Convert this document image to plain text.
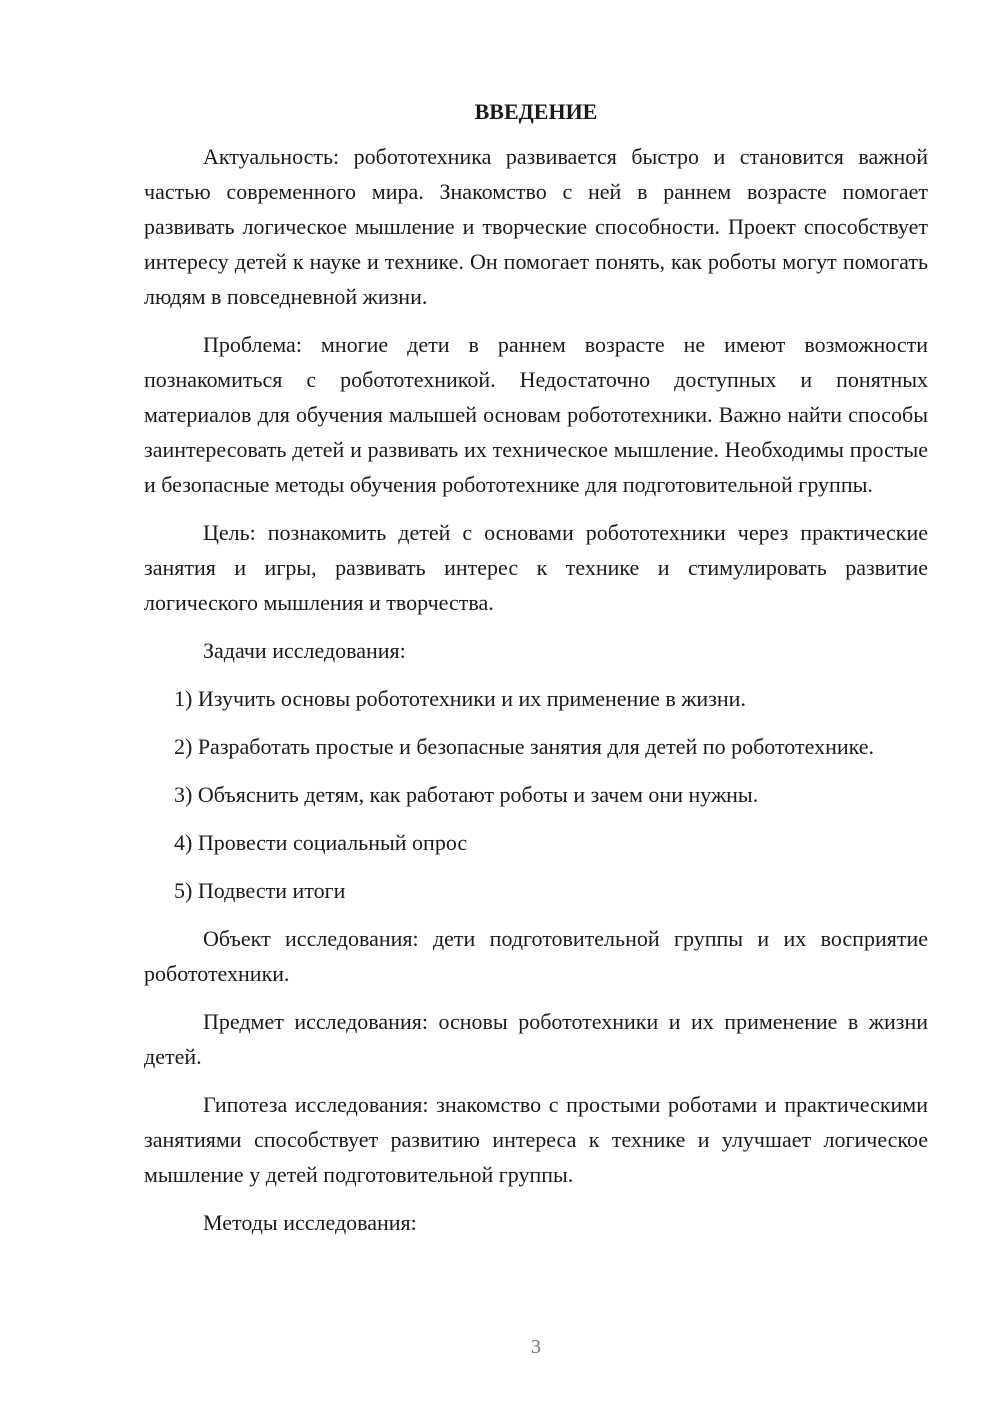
ВВЕДЕНИЕ

Актуальность: робототехника развивается быстро и становится важной частью современного мира. Знакомство с ней в раннем возрасте помогает развивать логическое мышление и творческие способности. Проект способствует интересу детей к науке и технике. Он помогает понять, как роботы могут помогать людям в повседневной жизни.

Проблема: многие дети в раннем возрасте не имеют возможности познакомиться с робототехникой. Недостаточно доступных и понятных материалов для обучения малышей основам робототехники. Важно найти способы заинтересовать детей и развивать их техническое мышление. Необходимы простые и безопасные методы обучения робототехнике для подготовительной группы.

Цель: познакомить детей с основами робототехники через практические занятия и игры, развивать интерес к технике и стимулировать развитие логического мышления и творчества.

Задачи исследования:

1) Изучить основы робототехники и их применение в жизни.

2) Разработать простые и безопасные занятия для детей по робототехнике.

3) Объяснить детям, как работают роботы и зачем они нужны.

4) Провести социальный опрос

5) Подвести итоги

Объект исследования: дети подготовительной группы и их восприятие робототехники.

Предмет исследования: основы робототехники и их применение в жизни детей.

Гипотеза исследования: знакомство с простыми роботами и практическими занятиями способствует развитию интереса к технике и улучшает логическое мышление у детей подготовительной группы.

Методы исследования:

3
